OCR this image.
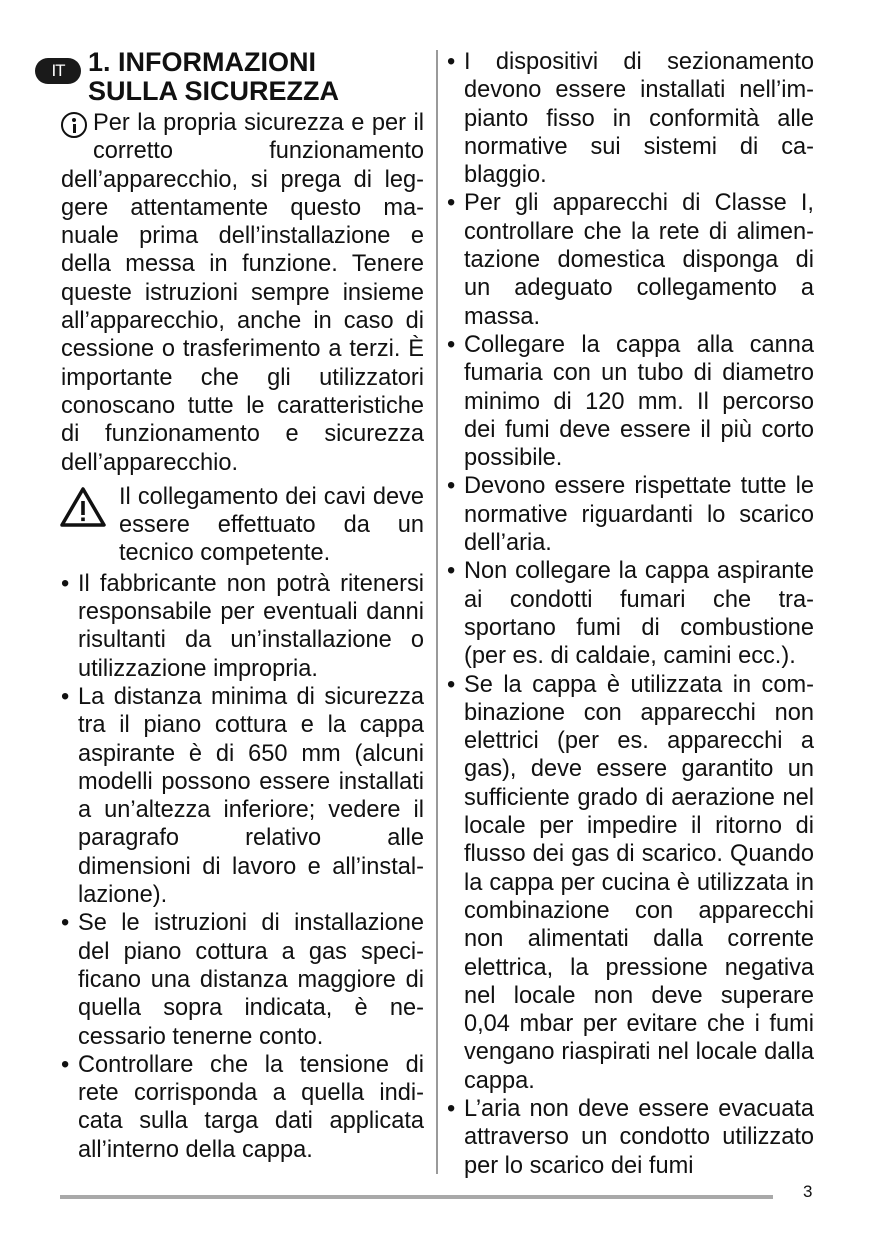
IT 1. INFORMAZIONI
SULLA SICUREZZA

Per la propria sicurezza e per il corretto funzionamento dell’apparecchio, si prega di leggere attentamente questo manuale prima dell’installazione e della messa in funzione. Tenere queste istruzioni sempre insieme all’apparecchio, anche in caso di cessione o trasferimento a terzi. È importante che gli utilizzatori conoscano tutte le caratteristiche di funzionamento e sicurezza dell’apparecchio.

Il collegamento dei cavi deve essere effettuato da un tecnico competente.
• Il fabbricante non potrà ritenersi responsabile per eventuali danni risultanti da un’installazione o utilizzazione impropria.
• La distanza minima di sicurezza tra il piano cottura e la cappa aspirante è di 650 mm (alcuni modelli possono essere installati a un’altezza inferiore; vedere il paragrafo relativo alle dimensioni di lavoro e all’installazione).
• Se le istruzioni di installazione del piano cottura a gas specificano una distanza maggiore di quella sopra indicata, è necessario tenerne conto.
• Controllare che la tensione di rete corrisponda a quella indicata sulla targa dati applicata all’interno della cappa.
• I dispositivi di sezionamento devono essere installati nell’impianto fisso in conformità alle normative sui sistemi di cablaggio.
• Per gli apparecchi di Classe I, controllare che la rete di alimentazione domestica disponga di un adeguato collegamento a massa.
• Collegare la cappa alla canna fumaria con un tubo di diametro minimo di 120 mm. Il percorso dei fumi deve essere il più corto possibile.
• Devono essere rispettate tutte le normative riguardanti lo scarico dell’aria.
• Non collegare la cappa aspirante ai condotti fumari che trasportano fumi di combustione (per es. di caldaie, camini ecc.).
• Se la cappa è utilizzata in combinazione con apparecchi non elettrici (per es. apparecchi a gas), deve essere garantito un sufficiente grado di aerazione nel locale per impedire il ritorno di flusso dei gas di scarico. Quando la cappa per cucina è utilizzata in combinazione con apparecchi non alimentati dalla corrente elettrica, la pressione negativa nel locale non deve superare 0,04 mbar per evitare che i fumi vengano riaspirati nel locale dalla cappa.
• L’aria non deve essere evacuata attraverso un condotto utilizzato per lo scarico dei fumi
3
